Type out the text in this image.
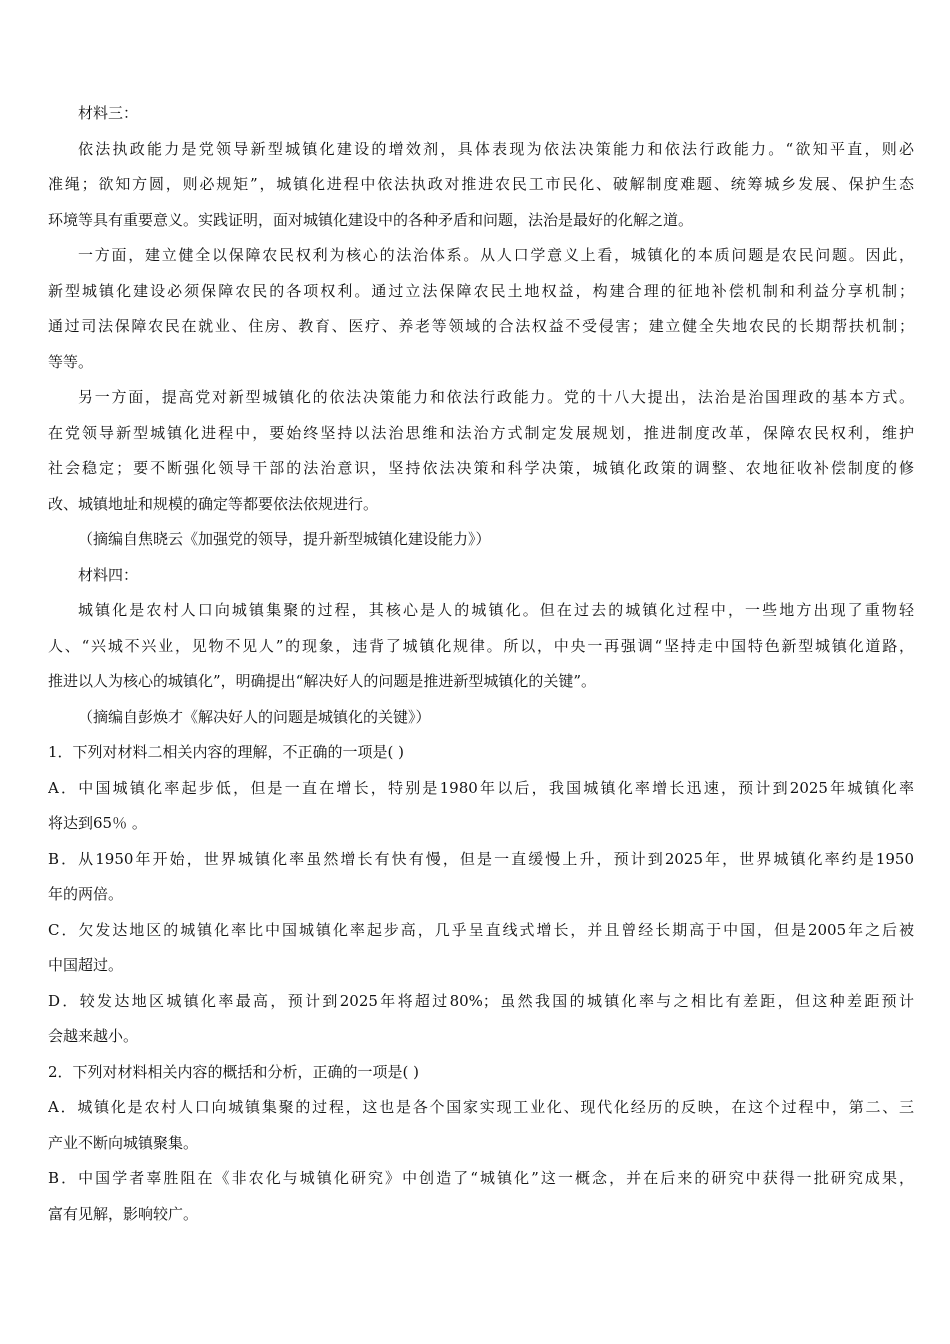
材料三：
依法执政能力是党领导新型城镇化建设的增效剂，具体表现为依法决策能力和依法行政能力。“欲知平直，则必
准绳；欲知方圆，则必规矩”，城镇化进程中依法执政对推进农民工市民化、破解制度难题、统筹城乡发展、保护生态
环境等具有重要意义。实践证明，面对城镇化建设中的各种矛盾和问题，法治是最好的化解之道。
一方面，建立健全以保障农民权利为核心的法治体系。从人口学意义上看，城镇化的本质问题是农民问题。因此，
新型城镇化建设必须保障农民的各项权利。通过立法保障农民土地权益，构建合理的征地补偿机制和利益分享机制；
通过司法保障农民在就业、住房、教育、医疗、养老等领域的合法权益不受侵害；建立健全失地农民的长期帮扶机制；
等等。
另一方面，提高党对新型城镇化的依法决策能力和依法行政能力。党的十八大提出，法治是治国理政的基本方式。
在党领导新型城镇化进程中，要始终坚持以法治思维和法治方式制定发展规划，推进制度改革，保障农民权利，维护
社会稳定；要不断强化领导干部的法治意识，坚持依法决策和科学决策，城镇化政策的调整、农地征收补偿制度的修
改、城镇地址和规模的确定等都要依法依规进行。
（摘编自焦晓云《加强党的领导，提升新型城镇化建设能力》）
材料四：
城镇化是农村人口向城镇集聚的过程，其核心是人的城镇化。但在过去的城镇化过程中，一些地方出现了重物轻
人、“兴城不兴业，见物不见人”的现象，违背了城镇化规律。所以，中央一再强调“坚持走中国特色新型城镇化道路，
推进以人为核心的城镇化”，明确提出“解决好人的问题是推进新型城镇化的关键”。
（摘编自彭焕才《解决好人的问题是城镇化的关键》）
1．下列对材料二相关内容的理解，不正确的一项是( )
A．中国城镇化率起步低，但是一直在增长，特别是1980年以后，我国城镇化率增长迅速，预计到2025年城镇化率
将达到65％ 。
B．从1950年开始，世界城镇化率虽然增长有快有慢，但是一直缓慢上升，预计到2025年，世界城镇化率约是1950
年的两倍。
C．欠发达地区的城镇化率比中国城镇化率起步高，几乎呈直线式增长，并且曾经长期高于中国，但是2005年之后被
中国超过。
D．较发达地区城镇化率最高，预计到2025年将超过80%；虽然我国的城镇化率与之相比有差距，但这种差距预计
会越来越小。
2．下列对材料相关内容的概括和分析，正确的一项是( )
A．城镇化是农村人口向城镇集聚的过程，这也是各个国家实现工业化、现代化经历的反映，在这个过程中，第二、三
产业不断向城镇聚集。
B．中国学者辜胜阻在《非农化与城镇化研究》中创造了“城镇化”这一概念，并在后来的研究中获得一批研究成果，
富有见解，影响较广。
